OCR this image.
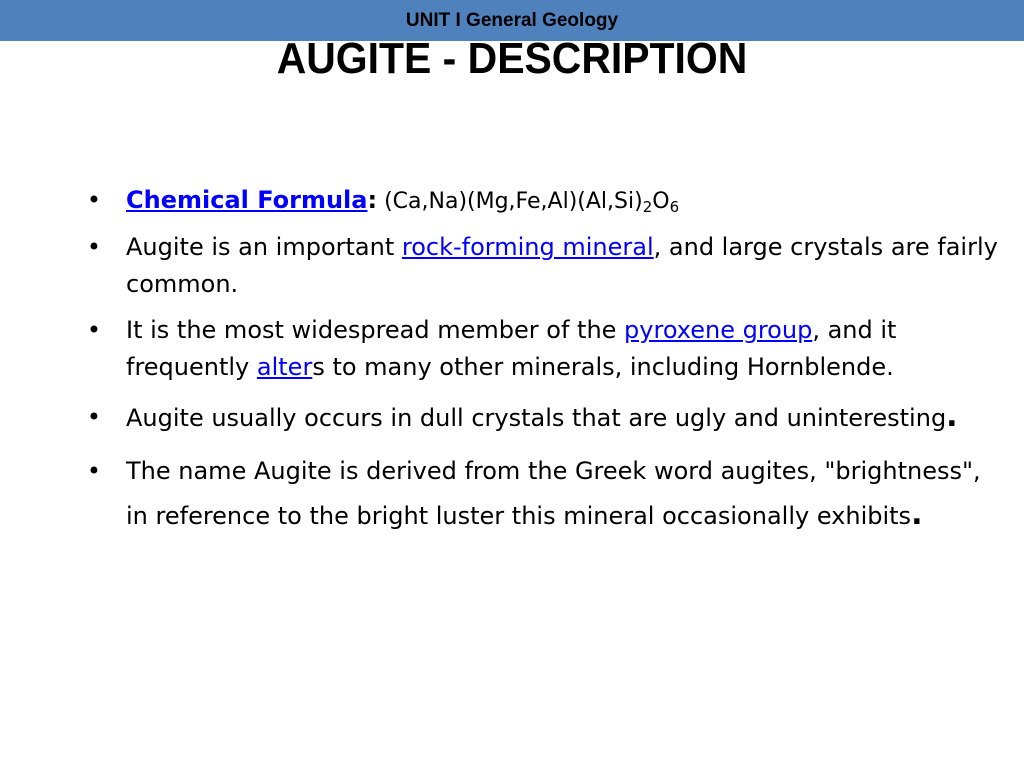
UNIT I General Geology
AUGITE - DESCRIPTION
• Chemical Formula: $(Ca,Na)(Mg,Fe,Al)(Al,Si)_2O_6$
• Augite is an important rock-forming mineral, and large crystals are fairly common.
• It is the most widespread member of the pyroxene group, and it frequently alters to many other minerals, including Hornblende.
• Augite usually occurs in dull crystals that are ugly and uninteresting.
• The name Augite is derived from the Greek word augites, "brightness", in reference to the bright luster this mineral occasionally exhibits.
